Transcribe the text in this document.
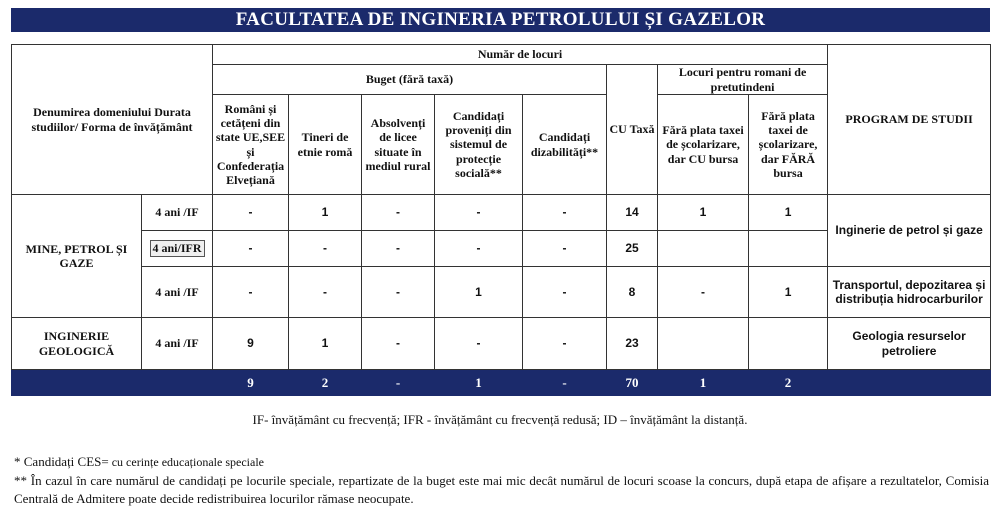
FACULTATEA DE INGINERIA PETROLULUI ȘI GAZELOR
Denumirea domeniului Durata studiilor/ Forma de învățământ		Număr de locuri								PROGRAM DE STUDII
		Buget (fără taxă)					CU Taxă	Locuri pentru romani de pretutindeni		
		Români și cetățeni din state UE,SEE și Confederația Elvețiană	Tineri de etnie romă	Absolvenți de licee situate în mediul rural	Candidați proveniți din sistemul de protecție socială**	Candidați dizabilități**		Fără plata taxei de școlarizare, dar CU bursa	Fără plata taxei de școlarizare, dar FĂRĂ bursa	
MINE, PETROL ȘI GAZE	4 ani /IF	-	1	-	-	-	14	1	1	Inginerie de petrol și gaze
	4 ani/IFR	-	-	-	-	-	25			
	4 ani /IF	-	-	-	1	-	8	-	1	Transportul, depozitarea și distribuția hidrocarburilor
INGINERIE GEOLOGICĂ	4 ani /IF	9	1	-	-	-	23			Geologia resurselor petroliere
		9	2	-	1	-	70	1	2	
IF- învățământ cu frecvență; IFR - învățământ cu frecvență redusă; ID – învățământ la distanță.
* Candidați CES= cu cerințe educaționale speciale
** În cazul în care numărul de candidați pe locurile speciale, repartizate de la buget este mai mic decât numărul de locuri scoase la concurs, după etapa de afișare a rezultatelor, Comisia Centrală de Admitere poate decide redistribuirea locurilor rămase neocupate.
